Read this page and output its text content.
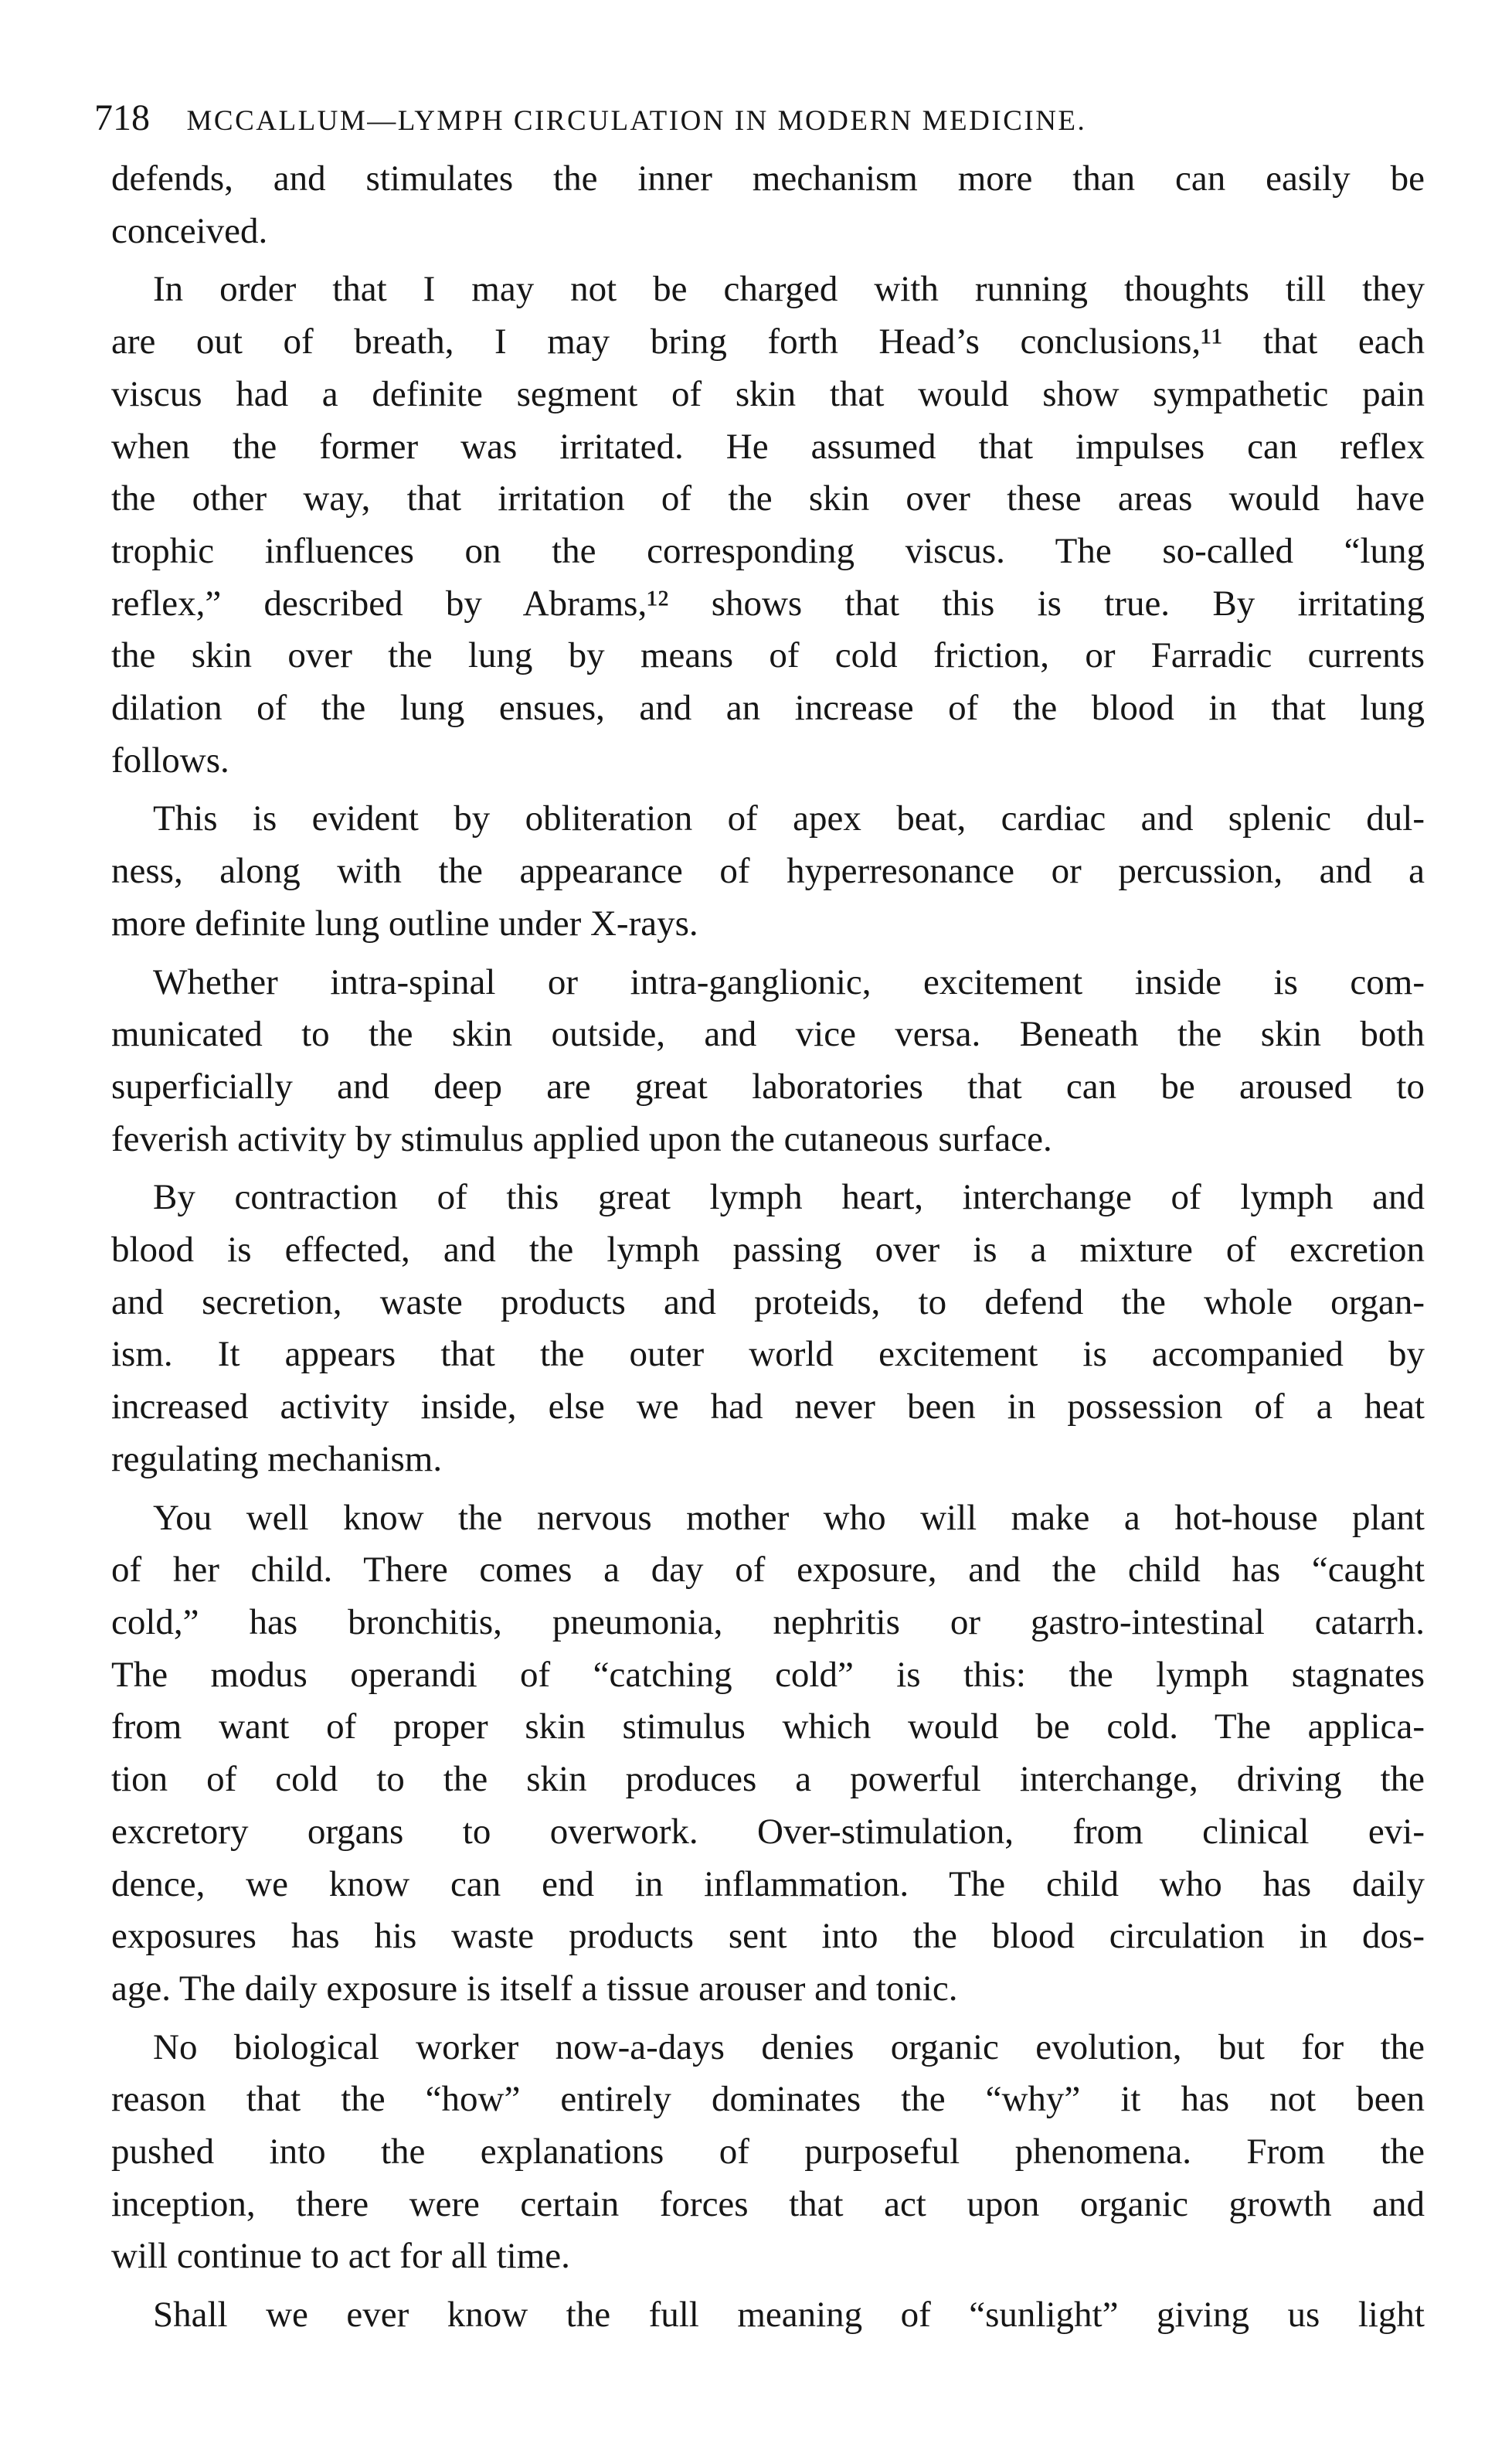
718 MCCALLUM—LYMPH CIRCULATION IN MODERN MEDICINE.
defends, and stimulates the inner mechanism more than can easily be
conceived.
In order that I may not be charged with running thoughts till they
are out of breath, I may bring forth Head’s conclusions,¹¹ that each
viscus had a definite segment of skin that would show sympathetic pain
when the former was irritated. He assumed that impulses can reflex
the other way, that irritation of the skin over these areas would have
trophic influences on the corresponding viscus. The so-called “lung
reflex,” described by Abrams,¹² shows that this is true. By irritating
the skin over the lung by means of cold friction, or Farradic currents
dilation of the lung ensues, and an increase of the blood in that lung
follows.
This is evident by obliteration of apex beat, cardiac and splenic dul-
ness, along with the appearance of hyperresonance or percussion, and a
more definite lung outline under X-rays.
Whether intra-spinal or intra-ganglionic, excitement inside is com-
municated to the skin outside, and vice versa. Beneath the skin both
superficially and deep are great laboratories that can be aroused to
feverish activity by stimulus applied upon the cutaneous surface.
By contraction of this great lymph heart, interchange of lymph and
blood is effected, and the lymph passing over is a mixture of excretion
and secretion, waste products and proteids, to defend the whole organ-
ism. It appears that the outer world excitement is accompanied by
increased activity inside, else we had never been in possession of a heat
regulating mechanism.
You well know the nervous mother who will make a hot-house plant
of her child. There comes a day of exposure, and the child has “caught
cold,” has bronchitis, pneumonia, nephritis or gastro-intestinal catarrh.
The modus operandi of “catching cold” is this: the lymph stagnates
from want of proper skin stimulus which would be cold. The applica-
tion of cold to the skin produces a powerful interchange, driving the
excretory organs to overwork. Over-stimulation, from clinical evi-
dence, we know can end in inflammation. The child who has daily
exposures has his waste products sent into the blood circulation in dos-
age. The daily exposure is itself a tissue arouser and tonic.
No biological worker now-a-days denies organic evolution, but for the
reason that the “how” entirely dominates the “why” it has not been
pushed into the explanations of purposeful phenomena. From the
inception, there were certain forces that act upon organic growth and
will continue to act for all time.
Shall we ever know the full meaning of “sunlight” giving us light
